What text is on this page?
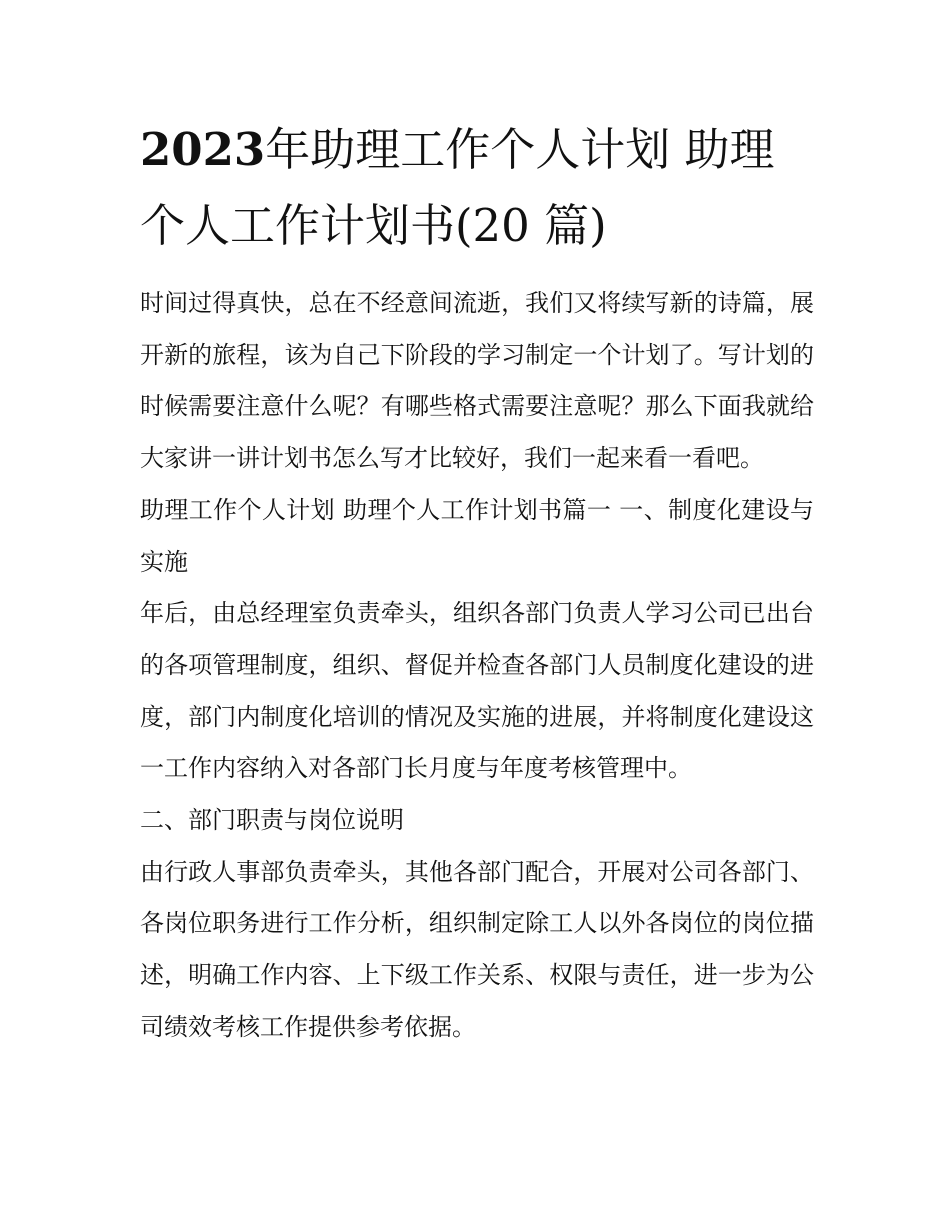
2023年助理工作个人计划 助理个人工作计划书(20 篇)

时间过得真快，总在不经意间流逝，我们又将续写新的诗篇，展开新的旅程，该为自己下阶段的学习制定一个计划了。写计划的时候需要注意什么呢？有哪些格式需要注意呢？那么下面我就给大家讲一讲计划书怎么写才比较好，我们一起来看一看吧。

助理工作个人计划 助理个人工作计划书篇一 一、制度化建设与实施

年后，由总经理室负责牵头，组织各部门负责人学习公司已出台的各项管理制度，组织、督促并检查各部门人员制度化建设的进度，部门内制度化培训的情况及实施的进展，并将制度化建设这一工作内容纳入对各部门长月度与年度考核管理中。

二、部门职责与岗位说明

由行政人事部负责牵头，其他各部门配合，开展对公司各部门、各岗位职务进行工作分析，组织制定除工人以外各岗位的岗位描述，明确工作内容、上下级工作关系、权限与责任，进一步为公司绩效考核工作提供参考依据。
